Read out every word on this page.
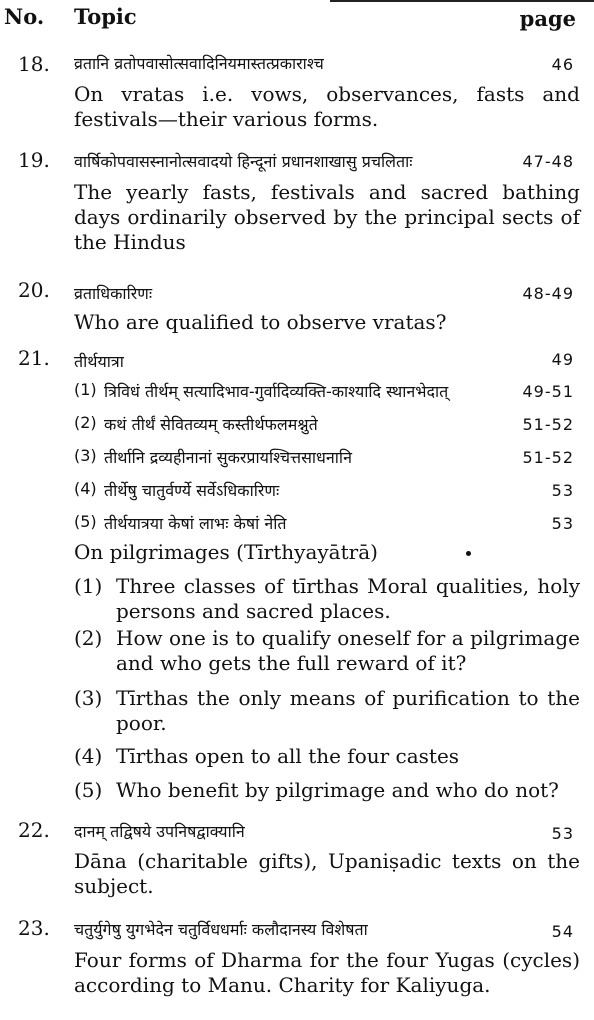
No. Topic	page
18. व्रतानि व्रतोपवासोत्सवादिनियमास्तत्प्रकाराश्च	46
On vratas i.e. vows, observances, fasts and festivals—their various forms.
19. वार्षिकोपवासस्नानोत्सवादयो हिन्दूनां प्रधानशाखासु प्रचलिताः	47-48
The yearly fasts, festivals and sacred bathing days ordinarily observed by the principal sects of the Hindus
20. व्रताधिकारिणः	48-49
Who are qualified to observe vratas?
21. तीर्थयात्रा	49
(1) त्रिविधं तीर्थम् सत्यादिभाव-गुर्वादिव्यक्ति-काश्यादि स्थानभेदात्	49-51
(2) कथं तीर्थं सेवितव्यम् कस्तीर्थफलमश्नुते	51-52
(3) तीर्थानि द्रव्यहीनानां सुकरप्रायश्चित्तसाधनानि	51-52
(4) तीर्थेषु चातुर्वर्ण्ये सर्वेऽधिकारिणः	53
(5) तीर्थयात्रया केषां लाभः केषां नेति	53
On pilgrimages (Tīrthyayātrā)
(1) Three classes of tīrthas Moral qualities, holy persons and sacred places.
(2) How one is to qualify oneself for a pilgrimage and who gets the full reward of it?
(3) Tīrthas the only means of purification to the poor.
(4) Tīrthas open to all the four castes
(5) Who benefit by pilgrimage and who do not?
22. दानम् तद्विषये उपनिषद्वाक्यानि	53
Dāna (charitable gifts), Upaniṣadic texts on the subject.
23. चतुर्युगेषु युगभेदेन चतुर्विधधर्माः कलौदानस्य विशेषता	54
Four forms of Dharma for the four Yugas (cycles) according to Manu. Charity for Kaliyuga.
